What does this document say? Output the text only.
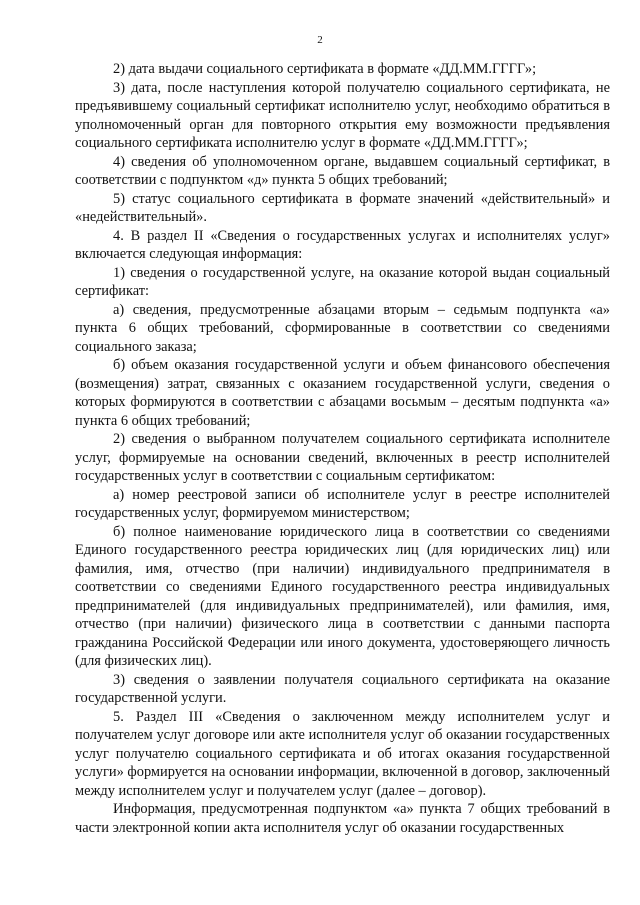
2

2) дата выдачи социального сертификата в формате «ДД.ММ.ГГГГ»;

3) дата, после наступления которой получателю социального сертификата, не предъявившему социальный сертификат исполнителю услуг, необходимо обратиться в уполномоченный орган для повторного открытия ему возможности предъявления социального сертификата исполнителю услуг в формате «ДД.ММ.ГГГГ»;

4) сведения об уполномоченном органе, выдавшем социальный сертификат, в соответствии с подпунктом «д» пункта 5 общих требований;

5) статус социального сертификата в формате значений «действительный» и «недействительный».

4. В раздел II «Сведения о государственных услугах и исполнителях услуг» включается следующая информация:

1) сведения о государственной услуге, на оказание которой выдан социальный сертификат:

а) сведения, предусмотренные абзацами вторым – седьмым подпункта «а» пункта 6 общих требований, сформированные в соответствии со сведениями социального заказа;

б) объем оказания государственной услуги и объем финансового обеспечения (возмещения) затрат, связанных с оказанием государственной услуги, сведения о которых формируются в соответствии с абзацами восьмым – десятым подпункта «а» пункта 6 общих требований;

2) сведения о выбранном получателем социального сертификата исполнителе услуг, формируемые на основании сведений, включенных в реестр исполнителей государственных услуг в соответствии с социальным сертификатом:

а) номер реестровой записи об исполнителе услуг в реестре исполнителей государственных услуг, формируемом министерством;

б) полное наименование юридического лица в соответствии со сведениями Единого государственного реестра юридических лиц (для юридических лиц) или фамилия, имя, отчество (при наличии) индивидуального предпринимателя в соответствии со сведениями Единого государственного реестра индивидуальных предпринимателей (для индивидуальных предпринимателей), или фамилия, имя, отчество (при наличии) физического лица в соответствии с данными паспорта гражданина Российской Федерации или иного документа, удостоверяющего личность (для физических лиц).

3) сведения о заявлении получателя социального сертификата на оказание государственной услуги.

5. Раздел III «Сведения о заключенном между исполнителем услуг и получателем услуг договоре или акте исполнителя услуг об оказании государственных услуг получателю социального сертификата и об итогах оказания государственной услуги» формируется на основании информации, включенной в договор, заключенный между исполнителем услуг и получателем услуг (далее – договор).

Информация, предусмотренная подпунктом «а» пункта 7 общих требований в части электронной копии акта исполнителя услуг об оказании государственных
